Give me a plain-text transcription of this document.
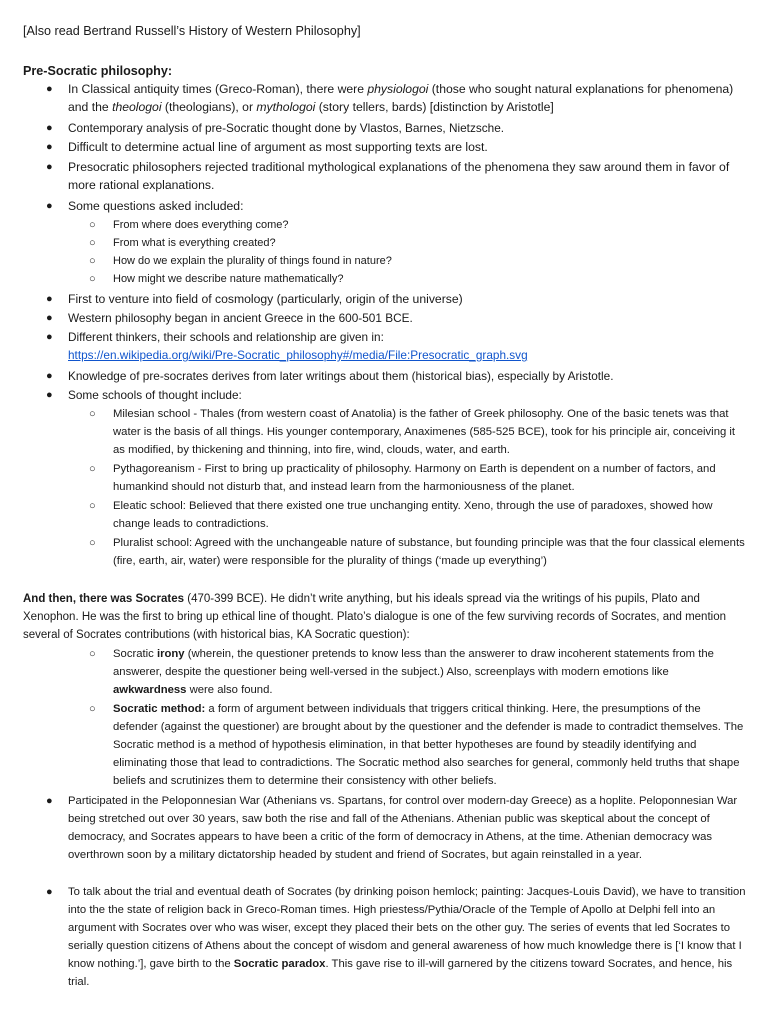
[Also read Bertrand Russell’s History of Western Philosophy]
Pre-Socratic philosophy:
● In Classical antiquity times (Greco-Roman), there were physiologoi (those who sought natural explanations for phenomena) and the theologoi (theologians), or mythologoi (story tellers, bards) [distinction by Aristotle]
● Contemporary analysis of pre-Socratic thought done by Vlastos, Barnes, Nietzsche.
● Difficult to determine actual line of argument as most supporting texts are lost.
● Presocratic philosophers rejected traditional mythological explanations of the phenomena they saw around them in favor of more rational explanations.
● Some questions asked included:
○ From where does everything come?
○ From what is everything created?
○ How do we explain the plurality of things found in nature?
○ How might we describe nature mathematically?
● First to venture into field of cosmology (particularly, origin of the universe)
● Western philosophy began in ancient Greece in the 600-501 BCE.
● Different thinkers, their schools and relationship are given in:
https://en.wikipedia.org/wiki/Pre-Socratic_philosophy#/media/File:Presocratic_graph.svg
● Knowledge of pre-socrates derives from later writings about them (historical bias), especially by Aristotle.
● Some schools of thought include:
○ Milesian school - Thales (from western coast of Anatolia) is the father of Greek philosophy. One of the basic tenets was that water is the basis of all things. His younger contemporary, Anaximenes (585-525 BCE), took for his principle air, conceiving it as modified, by thickening and thinning, into fire, wind, clouds, water, and earth.
○ Pythagoreanism - First to bring up practicality of philosophy. Harmony on Earth is dependent on a number of factors, and humankind should not disturb that, and instead learn from the harmoniousness of the planet.
○ Eleatic school: Believed that there existed one true unchanging entity. Xeno, through the use of paradoxes, showed how change leads to contradictions.
○ Pluralist school: Agreed with the unchangeable nature of substance, but founding principle was that the four classical elements (fire, earth, air, water) were responsible for the plurality of things (‘made up everything’)
And then, there was Socrates (470-399 BCE). He didn’t write anything, but his ideals spread via the writings of his pupils, Plato and Xenophon. He was the first to bring up ethical line of thought. Plato’s dialogue is one of the few surviving records of Socrates, and mention several of Socrates contributions (with historical bias, KA Socratic question):
○ Socratic irony (wherein, the questioner pretends to know less than the answerer to draw incoherent statements from the answerer, despite the questioner being well-versed in the subject.) Also, screenplays with modern emotions like awkwardness were also found.
○ Socratic method: a form of argument between individuals that triggers critical thinking. Here, the presumptions of the defender (against the questioner) are brought about by the questioner and the defender is made to contradict themselves. The Socratic method is a method of hypothesis elimination, in that better hypotheses are found by steadily identifying and eliminating those that lead to contradictions. The Socratic method also searches for general, commonly held truths that shape beliefs and scrutinizes them to determine their consistency with other beliefs.
● Participated in the Peloponnesian War (Athenians vs. Spartans, for control over modern-day Greece) as a hoplite. Peloponnesian War being stretched out over 30 years, saw both the rise and fall of the Athenians. Athenian public was skeptical about the concept of democracy, and Socrates appears to have been a critic of the form of democracy in Athens, at the time. Athenian democracy was overthrown soon by a military dictatorship headed by student and friend of Socrates, but again reinstalled in a year.
● To talk about the trial and eventual death of Socrates (by drinking poison hemlock; painting: Jacques-Louis David), we have to transition into the the state of religion back in Greco-Roman times. High priestess/Pythia/Oracle of the Temple of Apollo at Delphi fell into an argument with Socrates over who was wiser, except they placed their bets on the other guy. The series of events that led Socrates to serially question citizens of Athens about the concept of wisdom and general awareness of how much knowledge there is [‘I know that I know nothing.’], gave birth to the Socratic paradox. This gave rise to ill-will garnered by the citizens toward Socrates, and hence, his trial.
